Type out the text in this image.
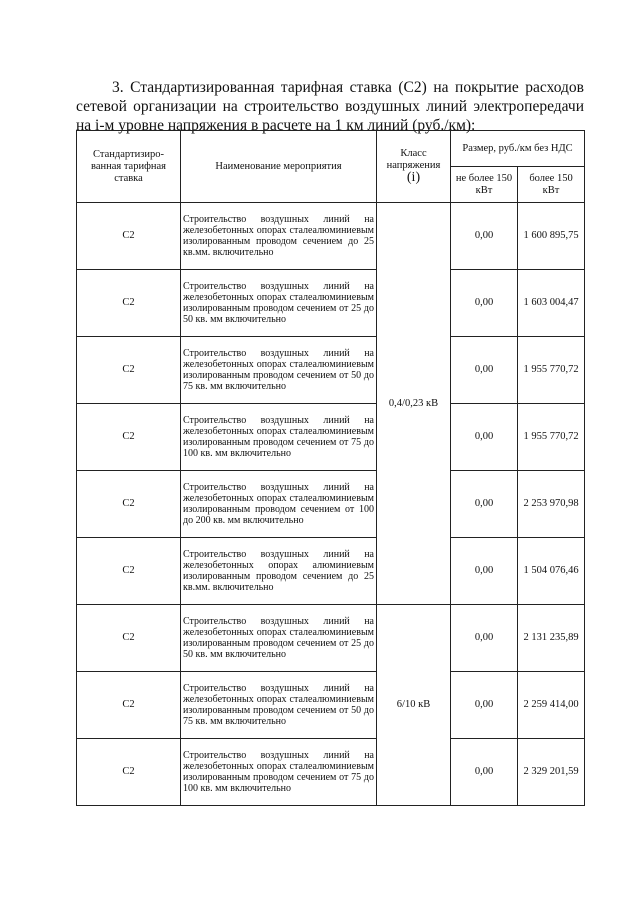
3. Стандартизированная тарифная ставка (С2) на покрытие расходов сетевой организации на строительство воздушных линий электропередачи на i-м уровне напряжения в расчете на 1 км линий (руб./км):

Стандартизиро-ванная тарифная ставка	Наименование мероприятия	Класс напряжения
(i)	Размер, руб./км без НДС	
			не более 150 кВт	более 150 кВт
С2	Строительство воздушных линий на железобетонных опорах сталеалюминиевым изолированным проводом сечением до 25 кв.мм. включительно	0,4/0,23 кВ	0,00	1 600 895,75
С2	Строительство воздушных линий на железобетонных опорах сталеалюминиевым изолированным проводом сечением от 25 до 50 кв. мм включительно		0,00	1 603 004,47
С2	Строительство воздушных линий на железобетонных опорах сталеалюминиевым изолированным проводом сечением от 50 до 75 кв. мм включительно		0,00	1 955 770,72
С2	Строительство воздушных линий на железобетонных опорах сталеалюминиевым изолированным проводом сечением от 75 до 100 кв. мм включительно		0,00	1 955 770,72
С2	Строительство воздушных линий на железобетонных опорах сталеалюминиевым изолированным проводом сечением от 100 до 200 кв. мм включительно		0,00	2 253 970,98
С2	Строительство воздушных линий на железобетонных опорах алюминиевым изолированным проводом сечением до 25 кв.мм. включительно		0,00	1 504 076,46
С2	Строительство воздушных линий на железобетонных опорах сталеалюминиевым изолированным проводом сечением от 25 до 50 кв. мм включительно	6/10 кВ	0,00	2 131 235,89
С2	Строительство воздушных линий на железобетонных опорах сталеалюминиевым изолированным проводом сечением от 50 до 75 кв. мм включительно		0,00	2 259 414,00
С2	Строительство воздушных линий на железобетонных опорах сталеалюминиевым изолированным проводом сечением от 75 до 100 кв. мм включительно		0,00	2 329 201,59
